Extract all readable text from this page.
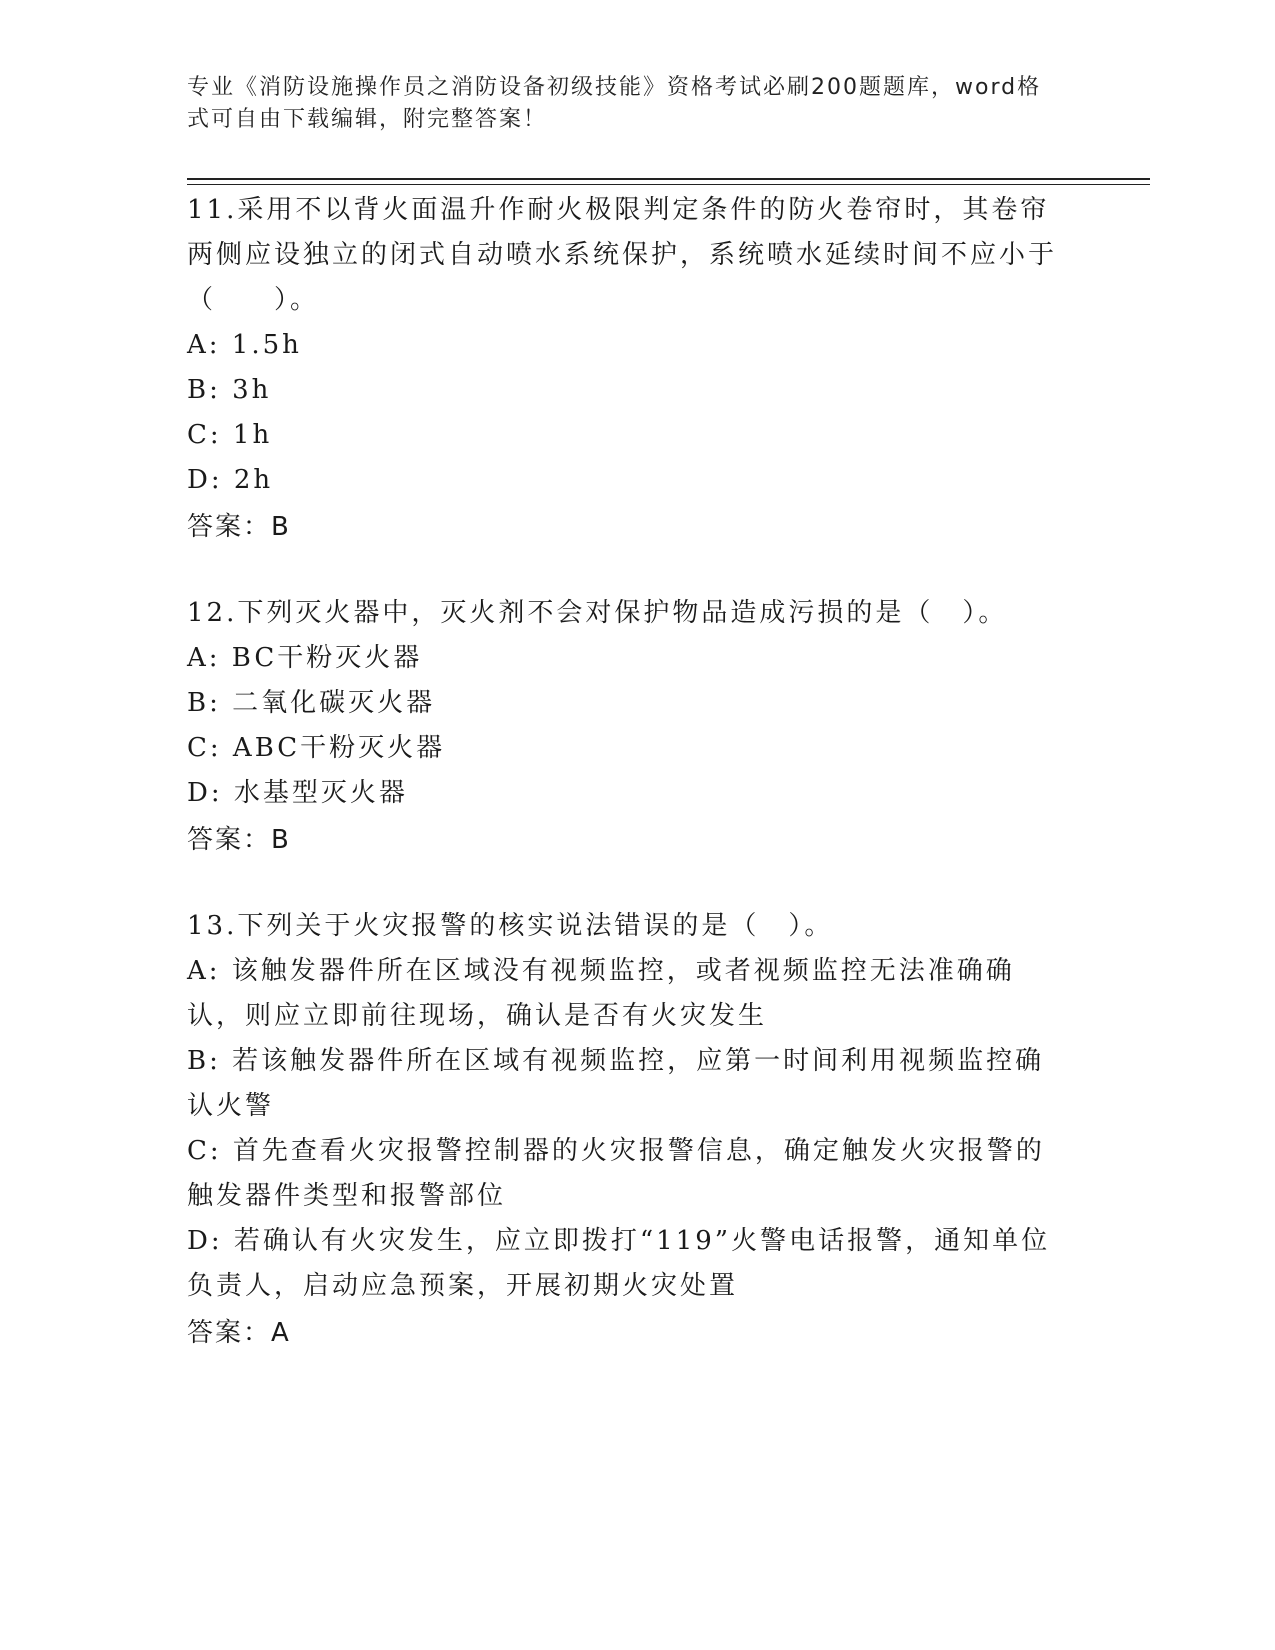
专业《消防设施操作员之消防设备初级技能》资格考试必刷200题题库，word格
式可自由下载编辑，附完整答案！

11.采用不以背火面温升作耐火极限判定条件的防火卷帘时，其卷帘两侧应设独立的闭式自动喷水系统保护，系统喷水延续时间不应小于（　　）。

A: 1.5h

B: 3h

C: 1h

D: 2h

答案：B

12.下列灭火器中，灭火剂不会对保护物品造成污损的是（　）。

A: BC干粉灭火器

B: 二氧化碳灭火器

C: ABC干粉灭火器

D: 水基型灭火器

答案：B

13.下列关于火灾报警的核实说法错误的是（　）。

A: 该触发器件所在区域没有视频监控，或者视频监控无法准确确认，则应立即前往现场，确认是否有火灾发生

B: 若该触发器件所在区域有视频监控，应第一时间利用视频监控确认火警

C: 首先查看火灾报警控制器的火灾报警信息，确定触发火灾报警的触发器件类型和报警部位

D: 若确认有火灾发生，应立即拨打“119”火警电话报警，通知单位负责人，启动应急预案，开展初期火灾处置

答案：A
